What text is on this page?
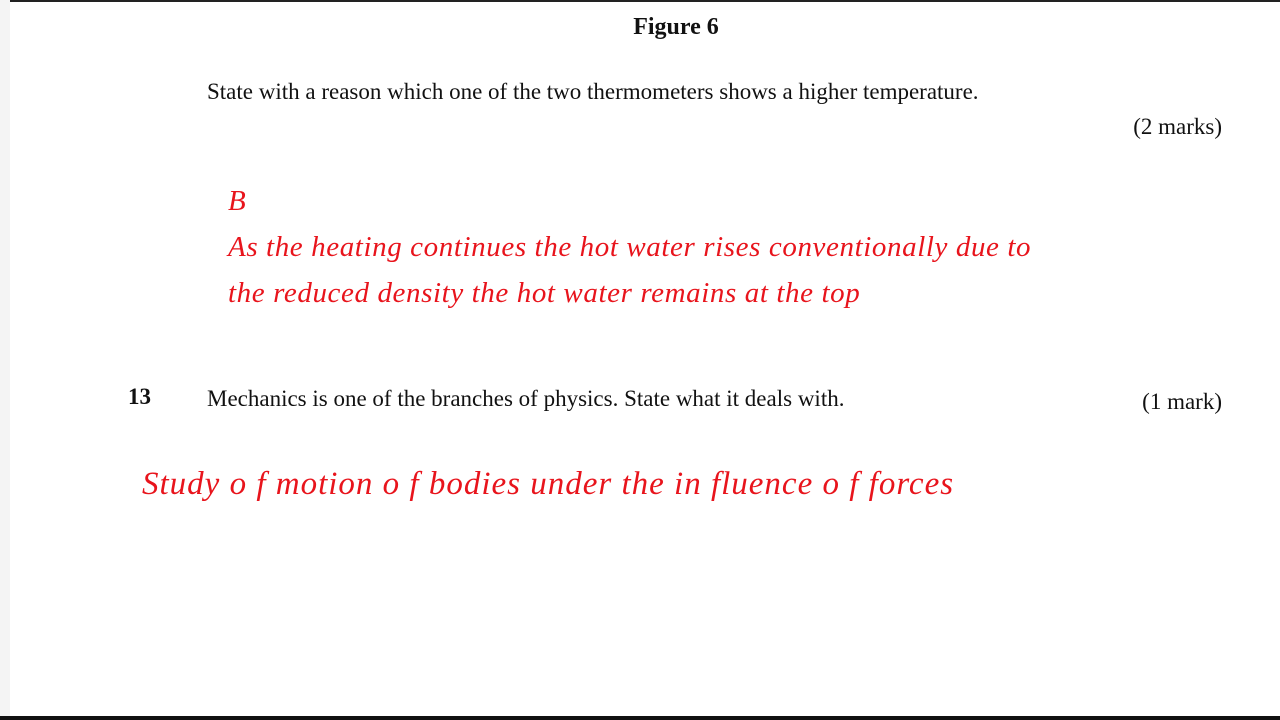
Figure 6
State with a reason which one of the two thermometers shows a higher temperature.
(2 marks)
B
As the heating continues the hot water rises conventionally due to
the reduced density the hot water remains at the top
13 Mechanics is one of the branches of physics. State what it deals with.	(1 mark)
Study o f motion o f bodies under the in fluence o f forces
